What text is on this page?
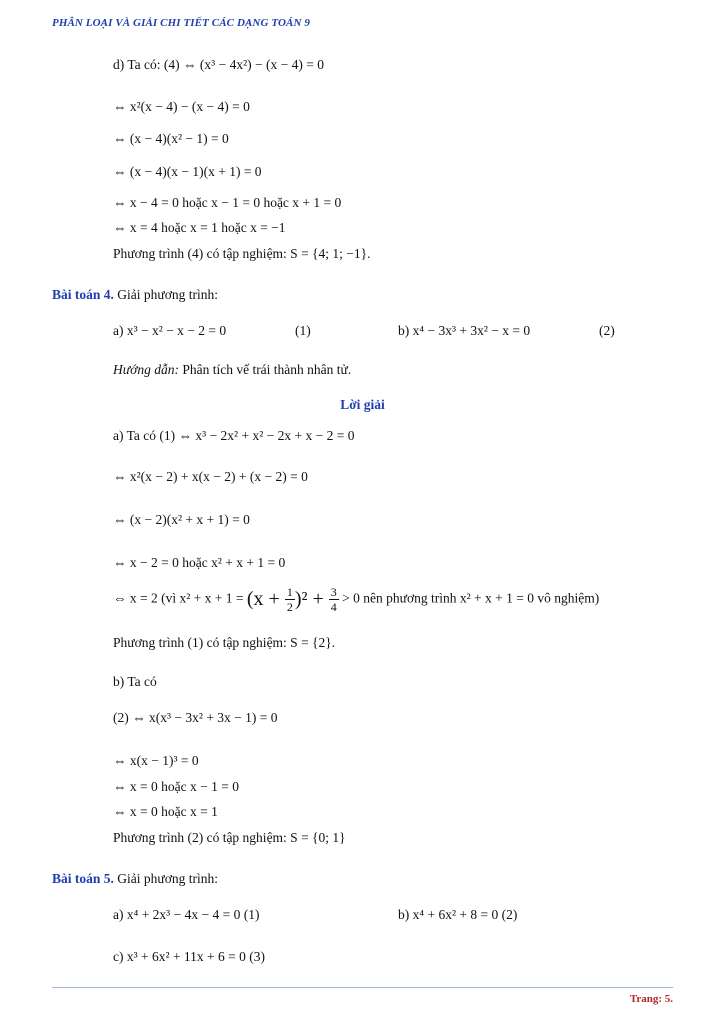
PHÂN LOẠI VÀ GIẢI CHI TIẾT CÁC DẠNG TOÁN 9
d) Ta có: (4) ⇔ (x³ − 4x²) − (x − 4) = 0
⇔ x²(x − 4) − (x − 4) = 0
⇔ (x − 4)(x² − 1) = 0
⇔ (x − 4)(x − 1)(x + 1) = 0
⇔ x − 4 = 0 hoặc x − 1 = 0 hoặc x + 1 = 0
⇔ x = 4 hoặc x = 1 hoặc x = −1
Phương trình (4) có tập nghiệm: S = {4; 1; −1}.
Bài toán 4. Giải phương trình:
a) x³ − x² − x − 2 = 0	(1)	b) x⁴ − 3x³ + 3x² − x = 0	(2)
Hướng dẫn: Phân tích vế trái thành nhân tử.
Lời giải
a) Ta có (1) ⇔ x³ − 2x² + x² − 2x + x − 2 = 0
⇔ x²(x − 2) + x(x − 2) + (x − 2) = 0
⇔ (x − 2)(x² + x + 1) = 0
⇔ x − 2 = 0 hoặc x² + x + 1 = 0
⇔ x = 2 (vì $x^2 + x + 1 = (x + \frac{1}{2} )^2 + \frac{3}{4} > 0$ nên phương trình x² + x + 1 = 0 vô nghiệm)
Phương trình (1) có tập nghiệm: S = {2}.
b) Ta có
(2) ⇔ x(x³ − 3x² + 3x − 1) = 0
⇔ x(x − 1)³ = 0
⇔ x = 0 hoặc x − 1 = 0
⇔ x = 0 hoặc x = 1
Phương trình (2) có tập nghiệm: S = {0; 1}
Bài toán 5. Giải phương trình:
a) x⁴ + 2x³ − 4x − 4 = 0 (1)	b) x⁴ + 6x² + 8 = 0 (2)
c) x³ + 6x² + 11x + 6 = 0 (3)
Trang: 5.
